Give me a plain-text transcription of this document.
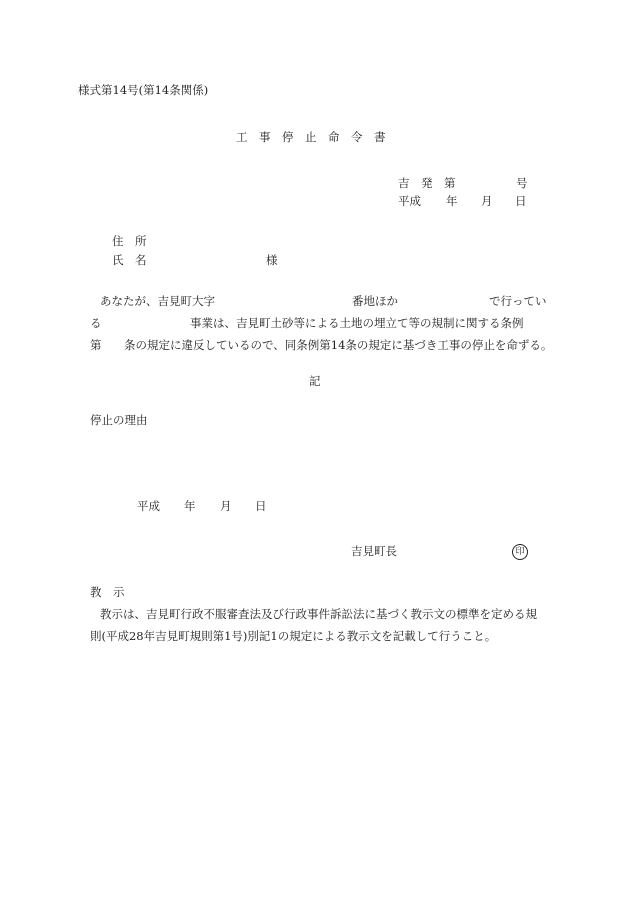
様式第14号(第14条関係)
工　事　停　止　命　令　書
吉　発　第	号
平成 年 月 日
住　所
氏　名	様
あなたが、吉見町大字	番地ほか	で行ってい
る	事業は、吉見町土砂等による土地の埋立て等の規制に関する条例
第 条の規定に違反しているので、同条例第14条の規定に基づき工事の停止を命ずる。
記
停止の理由
平成 年 月 日
吉見町長	印
教　示
教示は、吉見町行政不服審査法及び行政事件訴訟法に基づく教示文の標準を定める規
則(平成28年吉見町規則第1号)別記1の規定による教示文を記載して行うこと。
